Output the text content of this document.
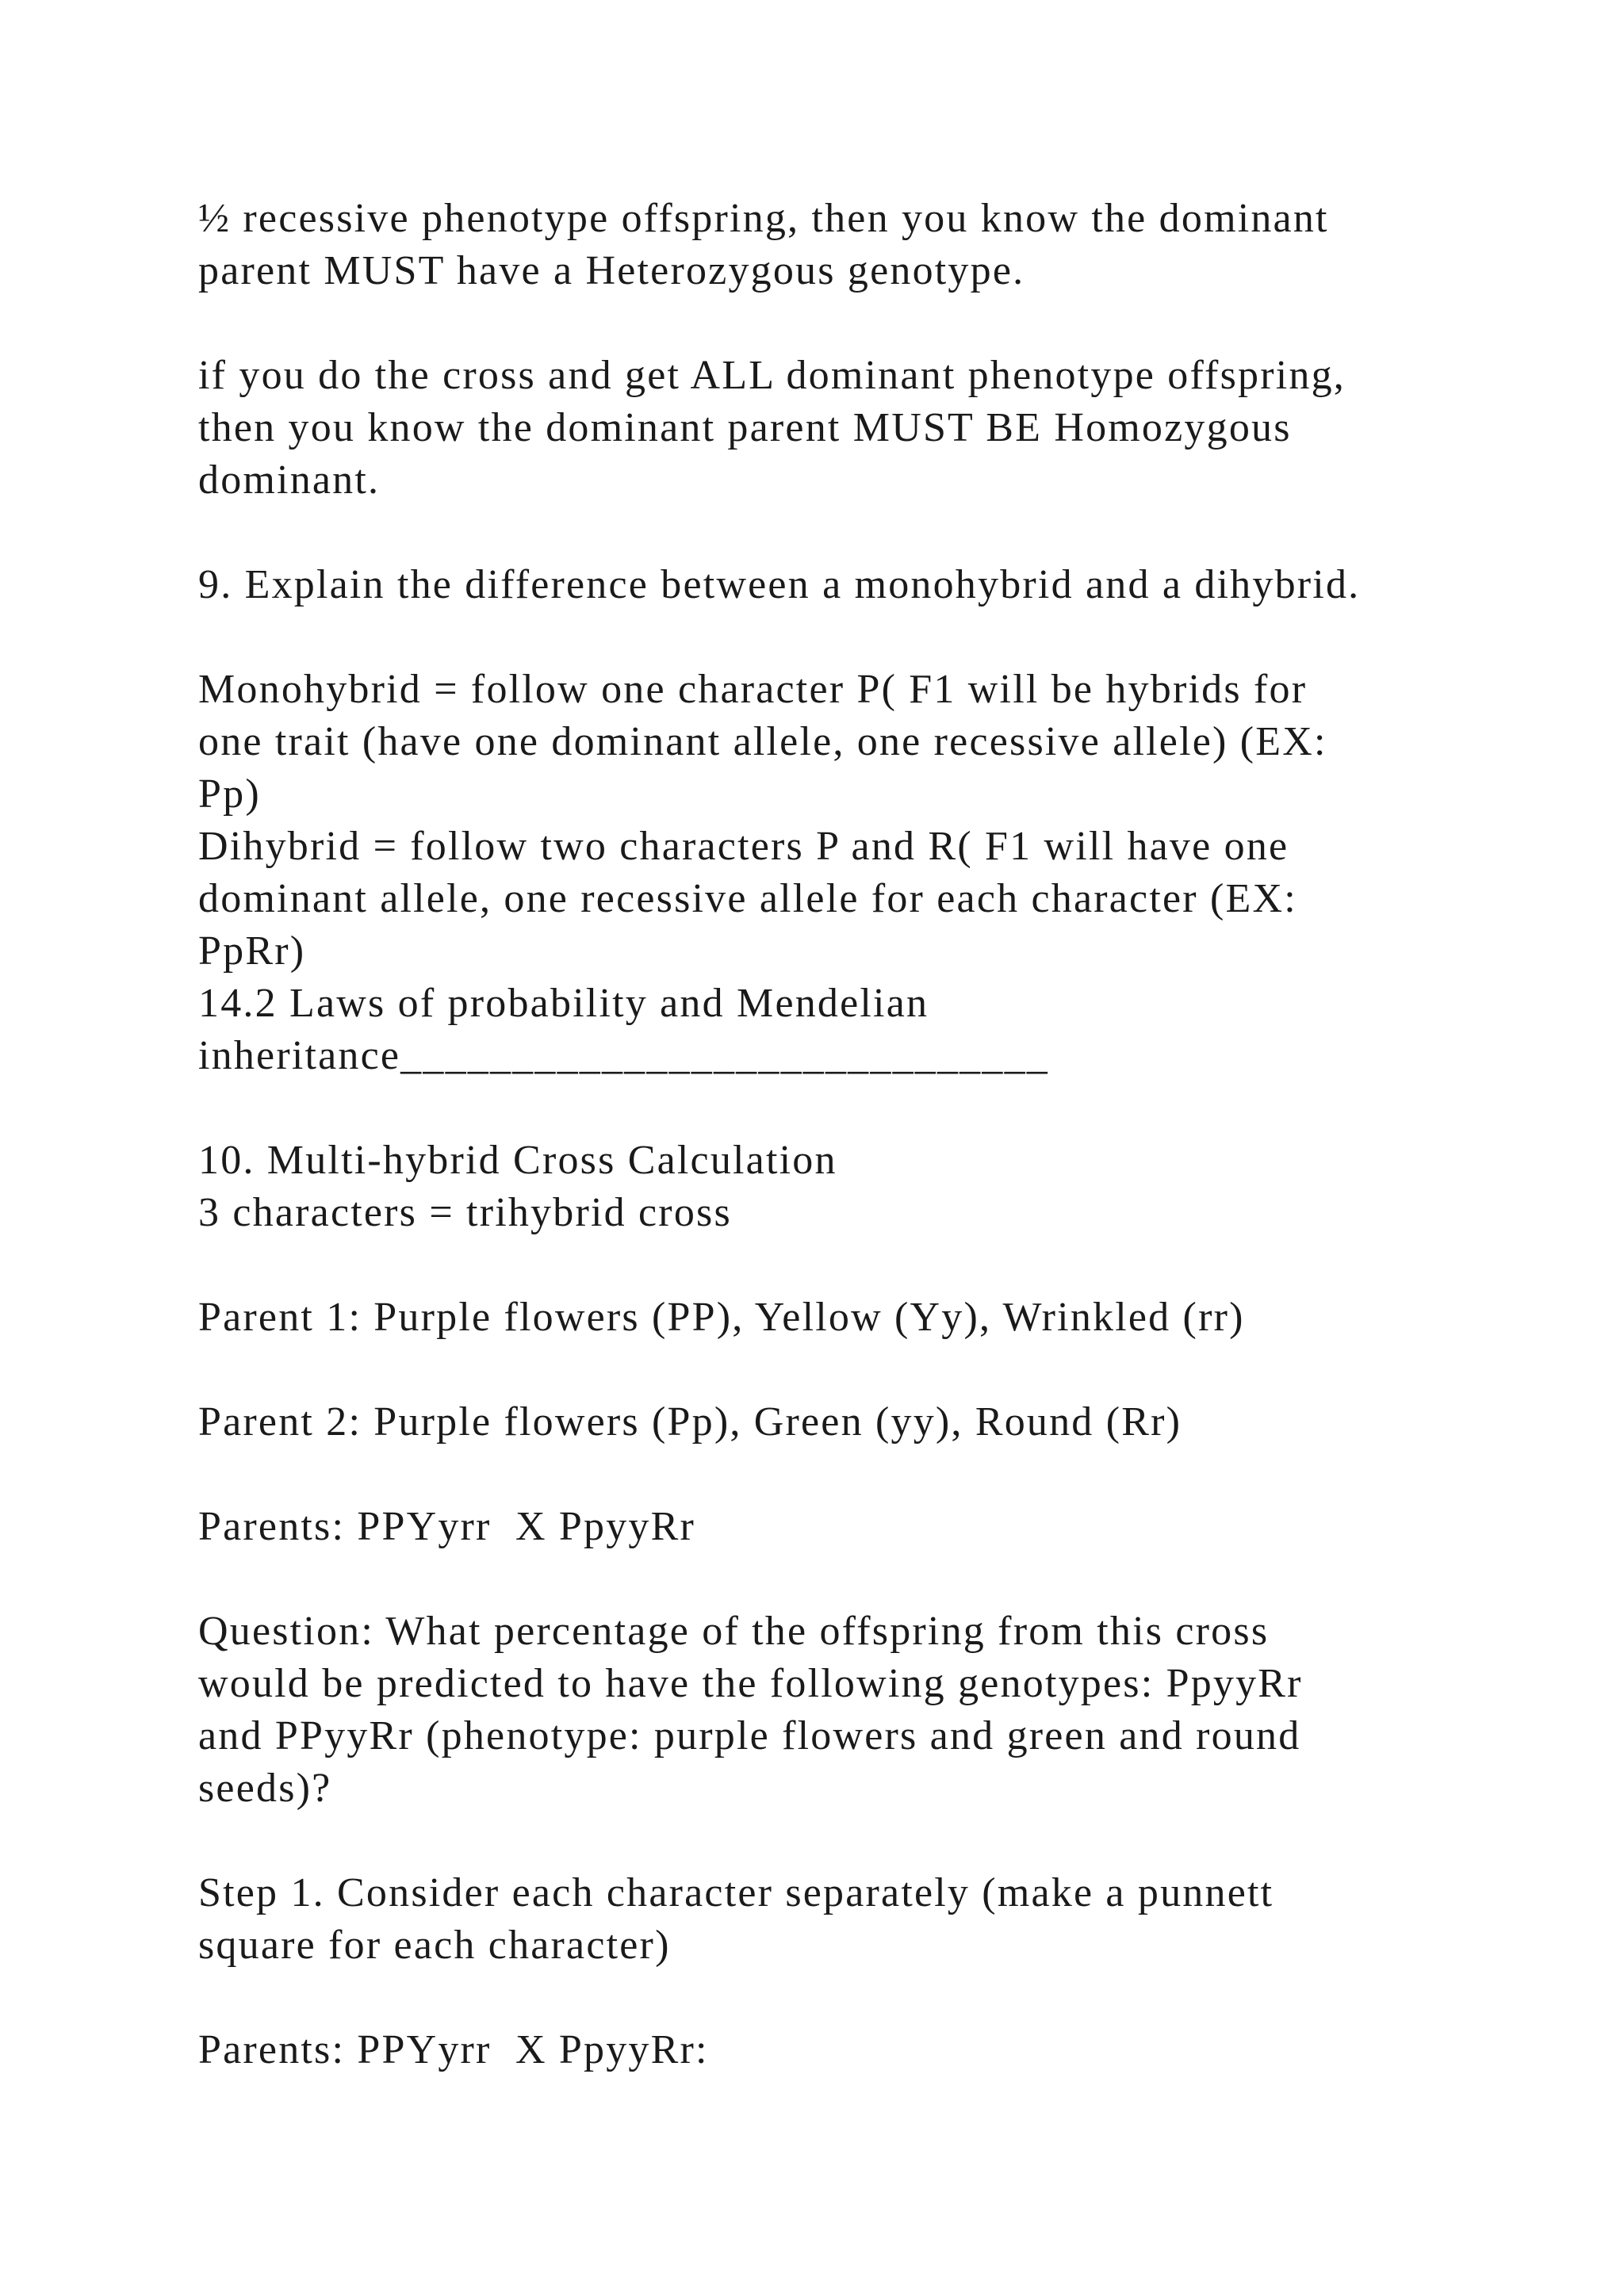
½ recessive phenotype offspring, then you know the dominant
parent MUST have a Heterozygous genotype.
if you do the cross and get ALL dominant phenotype offspring,
then you know the dominant parent MUST BE Homozygous
dominant.
9. Explain the difference between a monohybrid and a dihybrid.
Monohybrid = follow one character P( F1 will be hybrids for
one trait (have one dominant allele, one recessive allele) (EX:
Pp)
Dihybrid = follow two characters P and R( F1 will have one
dominant allele, one recessive allele for each character (EX:
PpRr)
14.2 Laws of probability and Mendelian
inheritance_____________________________
10. Multi-hybrid Cross Calculation
3 characters = trihybrid cross
Parent 1: Purple flowers (PP), Yellow (Yy), Wrinkled (rr)
Parent 2: Purple flowers (Pp), Green (yy), Round (Rr)
Parents: PPYyrr  X PpyyRr
Question: What percentage of the offspring from this cross
would be predicted to have the following genotypes: PpyyRr
and PPyyRr (phenotype: purple flowers and green and round
seeds)?
Step 1. Consider each character separately (make a punnett
square for each character)
Parents: PPYyrr  X PpyyRr:
